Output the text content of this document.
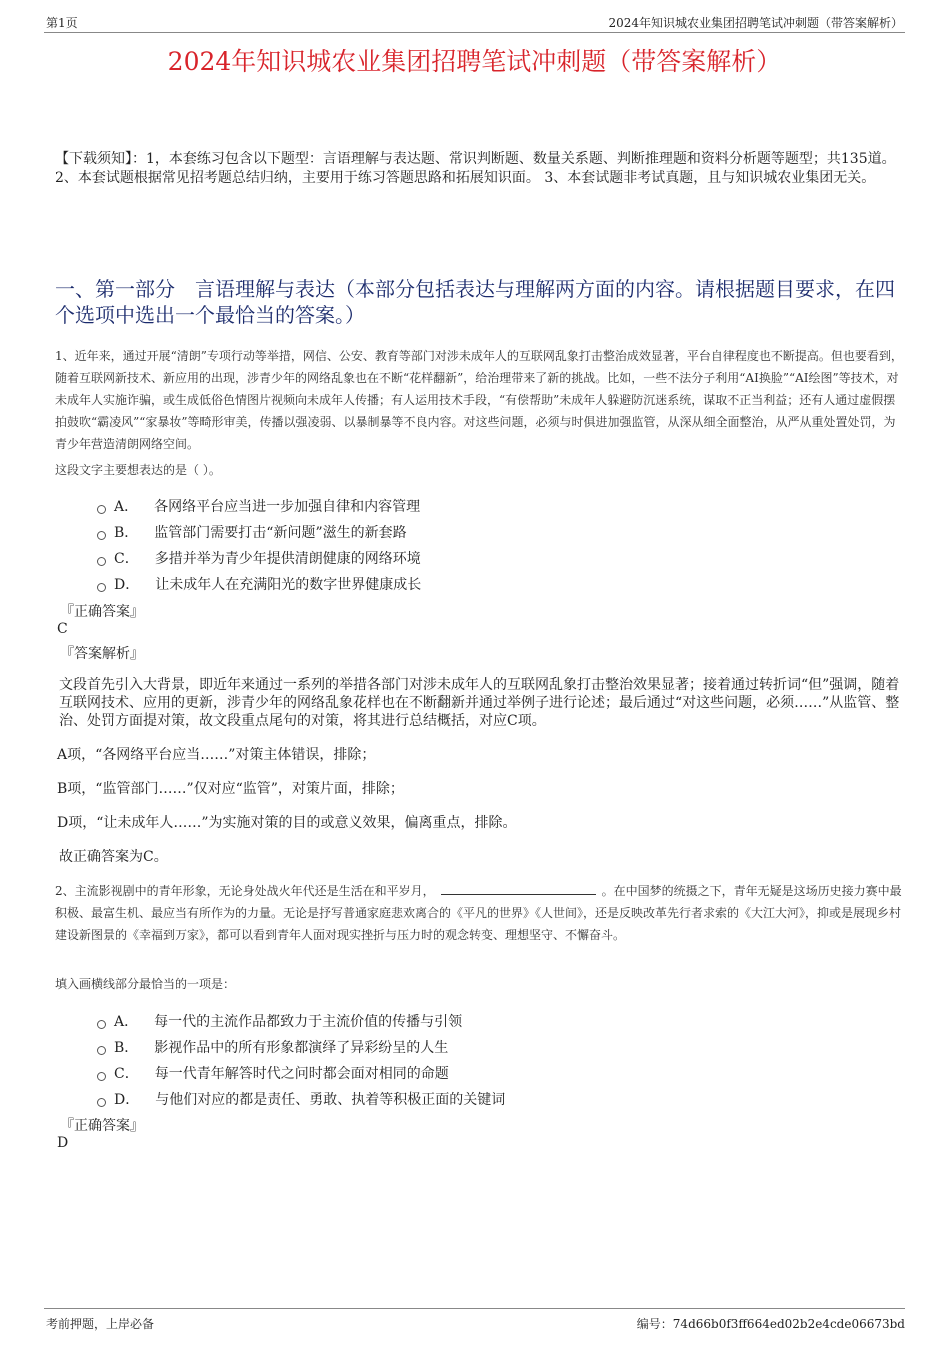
第1页	2024年知识城农业集团招聘笔试冲刺题（带答案解析）
2024年知识城农业集团招聘笔试冲刺题（带答案解析）
【下载须知】：1，本套练习包含以下题型：言语理解与表达题、常识判断题、数量关系题、判断推理题和资料分析题等题型；共135道。 2、本套试题根据常见招考题总结归纳，主要用于练习答题思路和拓展知识面。 3、本套试题非考试真题，且与知识城农业集团无关。
一、第一部分　言语理解与表达（本部分包括表达与理解两方面的内容。请根据题目要求，在四个选项中选出一个最恰当的答案。）
1、近年来，通过开展“清朗”专项行动等举措，网信、公安、教育等部门对涉未成年人的互联网乱象打击整治成效显著，平台自律程度也不断提高。但也要看到，随着互联网新技术、新应用的出现，涉青少年的网络乱象也在不断“花样翻新”，给治理带来了新的挑战。比如，一些不法分子利用“AI换脸”“AI绘图”等技术，对未成年人实施诈骗，或生成低俗色情图片视频向未成年人传播；有人运用技术手段，“有偿帮助”未成年人躲避防沉迷系统，谋取不正当利益；还有人通过虚假摆拍鼓吹“霸凌风”“家暴妆”等畸形审美，传播以强凌弱、以暴制暴等不良内容。对这些问题，必须与时俱进加强监管，从深从细全面整治，从严从重处置处罚，为青少年营造清朗网络空间。
这段文字主要想表达的是（ ）。
A． 各网络平台应当进一步加强自律和内容管理
B． 监管部门需要打击“新问题”滋生的新套路
C． 多措并举为青少年提供清朗健康的网络环境
D． 让未成年人在充满阳光的数字世界健康成长
『正确答案』
C
『答案解析』
文段首先引入大背景，即近年来通过一系列的举措各部门对涉未成年人的互联网乱象打击整治效果显著；接着通过转折词“但”强调，随着互联网技术、应用的更新，涉青少年的网络乱象花样也在不断翻新并通过举例子进行论述；最后通过“对这些问题，必须……”从监管、整治、处罚方面提对策，故文段重点尾句的对策，将其进行总结概括，对应C项。
A项，“各网络平台应当……”对策主体错误，排除；
B项，“监管部门……”仅对应“监管”，对策片面，排除；
D项，“让未成年人……”为实施对策的目的或意义效果，偏离重点，排除。
故正确答案为C。
2、主流影视剧中的青年形象，无论身处战火年代还是生活在和平岁月，	。在中国梦的统摄之下，青年无疑是这场历史接力赛中最积极、最富生机、最应当有所作为的力量。无论是抒写普通家庭悲欢离合的《平凡的世界》《人世间》，还是反映改革先行者求索的《大江大河》，抑或是展现乡村建设新图景的《幸福到万家》，都可以看到青年人面对现实挫折与压力时的观念转变、理想坚守、不懈奋斗。
填入画横线部分最恰当的一项是：
A． 每一代的主流作品都致力于主流价值的传播与引领
B． 影视作品中的所有形象都演绎了异彩纷呈的人生
C． 每一代青年解答时代之问时都会面对相同的命题
D． 与他们对应的都是责任、勇敢、执着等积极正面的关键词
『正确答案』
D
考前押题，上岸必备	编号：74d66b0f3ff664ed02b2e4cde06673bd
